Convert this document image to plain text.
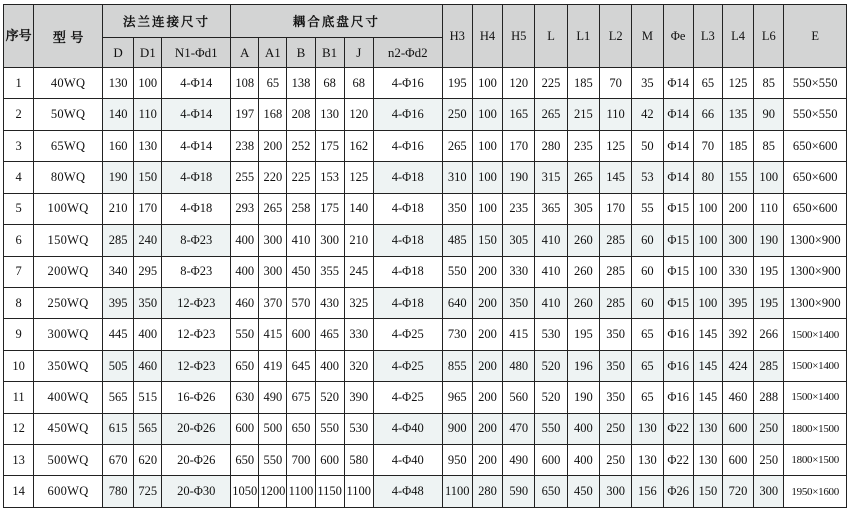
序号	型 号	法兰连接尺寸			耦合底盘尺寸						H3	H4	H5	L	L1	L2	M	Φe	L3	L4	L6	E
		D	D1	N1-Φd1	A	A1	B	B1	J	n2-Φd2												
1	40WQ	130	100	4-Φ14	108	65	138	68	68	4-Φ16	195	100	120	225	185	70	35	Φ14	65	125	85	550×550
2	50WQ	140	110	4-Φ14	197	168	208	130	120	4-Φ16	250	100	165	265	215	110	42	Φ14	66	135	90	550×550
3	65WQ	160	130	4-Φ14	238	200	252	175	162	4-Φ16	265	100	170	280	235	125	50	Φ14	70	185	85	650×600
4	80WQ	190	150	4-Φ18	255	220	225	153	125	4-Φ18	310	100	190	315	265	145	53	Φ14	80	155	100	650×600
5	100WQ	210	170	4-Φ18	293	265	258	175	140	4-Φ18	350	100	235	365	305	170	55	Φ15	100	200	110	650×600
6	150WQ	285	240	8-Φ23	400	300	410	300	210	4-Φ18	485	150	305	410	260	285	60	Φ15	100	300	190	1300×900
7	200WQ	340	295	8-Φ23	400	300	450	355	245	4-Φ18	550	200	330	410	260	285	60	Φ15	100	330	195	1300×900
8	250WQ	395	350	12-Φ23	460	370	570	430	325	4-Φ18	640	200	350	410	260	285	60	Φ15	100	395	195	1300×900
9	300WQ	445	400	12-Φ23	550	415	600	465	330	4-Φ25	730	200	415	530	195	350	65	Φ16	145	392	266	1500×1400
10	350WQ	505	460	12-Φ23	650	419	645	400	320	4-Φ25	855	200	480	520	196	350	65	Φ16	145	424	285	1500×1400
11	400WQ	565	515	16-Φ26	630	490	675	520	390	4-Φ25	965	200	560	520	190	350	65	Φ16	145	460	288	1500×1400
12	450WQ	615	565	20-Φ26	600	500	650	550	530	4-Φ40	900	200	470	550	400	250	130	Φ22	130	600	250	1800×1500
13	500WQ	670	620	20-Φ26	650	550	700	600	580	4-Φ40	950	200	490	600	400	250	130	Φ22	130	600	250	1800×1500
14	600WQ	780	725	20-Φ30	1050	1200	1100	1150	1100	4-Φ48	1100	280	590	650	450	300	156	Φ26	150	720	300	1950×1600
